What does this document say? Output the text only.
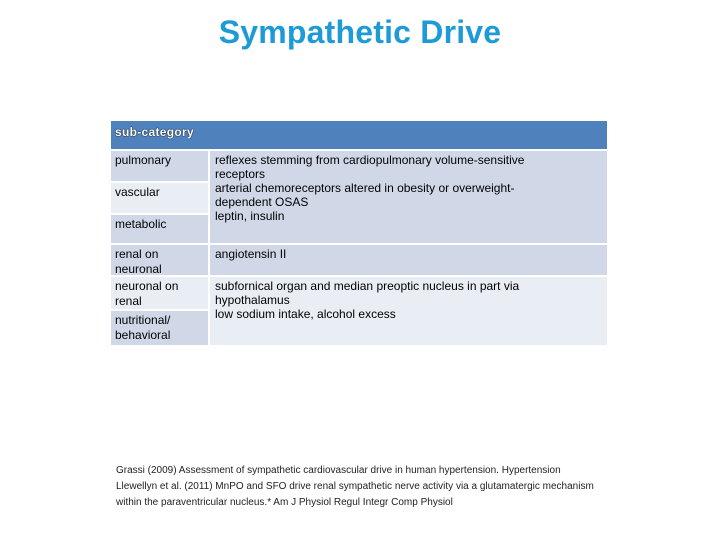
Sympathetic Drive
sub-category
pulmonary
vascular
metabolic
reflexes stemming from cardiopulmonary volume-sensitive receptors
arterial chemoreceptors altered in obesity or overweight-dependent OSAS
leptin, insulin
renal on neuronal
neuronal on renal
nutritional/ behavioral
angiotensin II
subfornical organ and median preoptic nucleus in part via hypothalamus
low sodium intake, alcohol excess
Grassi (2009) Assessment of sympathetic cardiovascular drive in human hypertension. Hypertension
Llewellyn et al. (2011) MnPO and SFO drive renal sympathetic nerve activity via a glutamatergic mechanism
within the paraventricular nucleus.* Am J Physiol Regul Integr Comp Physiol
